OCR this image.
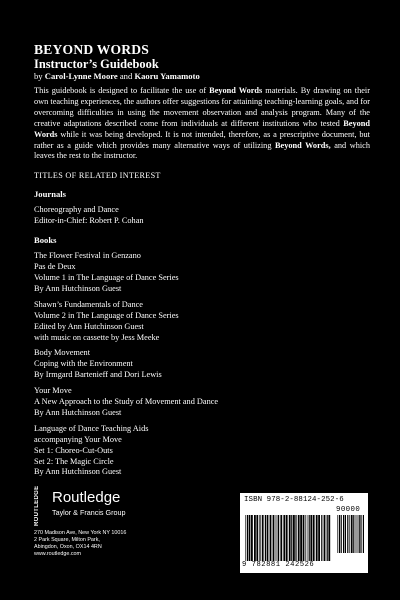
BEYOND WORDS
Instructor’s Guidebook
by Carol-Lynne Moore and Kaoru Yamamoto
This guidebook is designed to facilitate the use of Beyond Words materials. By drawing on their own teaching experiences, the authors offer suggestions for attaining teaching-learning goals, and for overcoming difficulties in using the movement observation and analysis program. Many of the creative adaptations described come from individuals at different institutions who tested Beyond Words while it was being developed. It is not intended, therefore, as a prescriptive document, but rather as a guide which provides many alternative ways of utilizing Beyond Words, and which leaves the rest to the instructor.
TITLES OF RELATED INTEREST
Journals
Choreography and Dance
Editor-in-Chief: Robert P. Cohan
Books
The Flower Festival in Genzano
Pas de Deux
Volume 1 in The Language of Dance Series
By Ann Hutchinson Guest
Shawn’s Fundamentals of Dance
Volume 2 in The Language of Dance Series
Edited by Ann Hutchinson Guest
with music on cassette by Jess Meeke
Body Movement
Coping with the Environment
By Irmgard Bartenieff and Dori Lewis
Your Move
A New Approach to the Study of Movement and Dance
By Ann Hutchinson Guest
Language of Dance Teaching Aids
accompanying Your Move
Set 1: Choreo-Cut-Outs
Set 2: The Magic Circle
By Ann Hutchinson Guest
ROUTLEDGE Routledge
Taylor & Francis Group
270 Madison Ave, New York NY 10016
2 Park Square, Milton Park,
Abingdon, Oxon, OX14 4RN
www.routledge.com
ISBN 978-2-88124-252-6
90000
9 782881 242526
